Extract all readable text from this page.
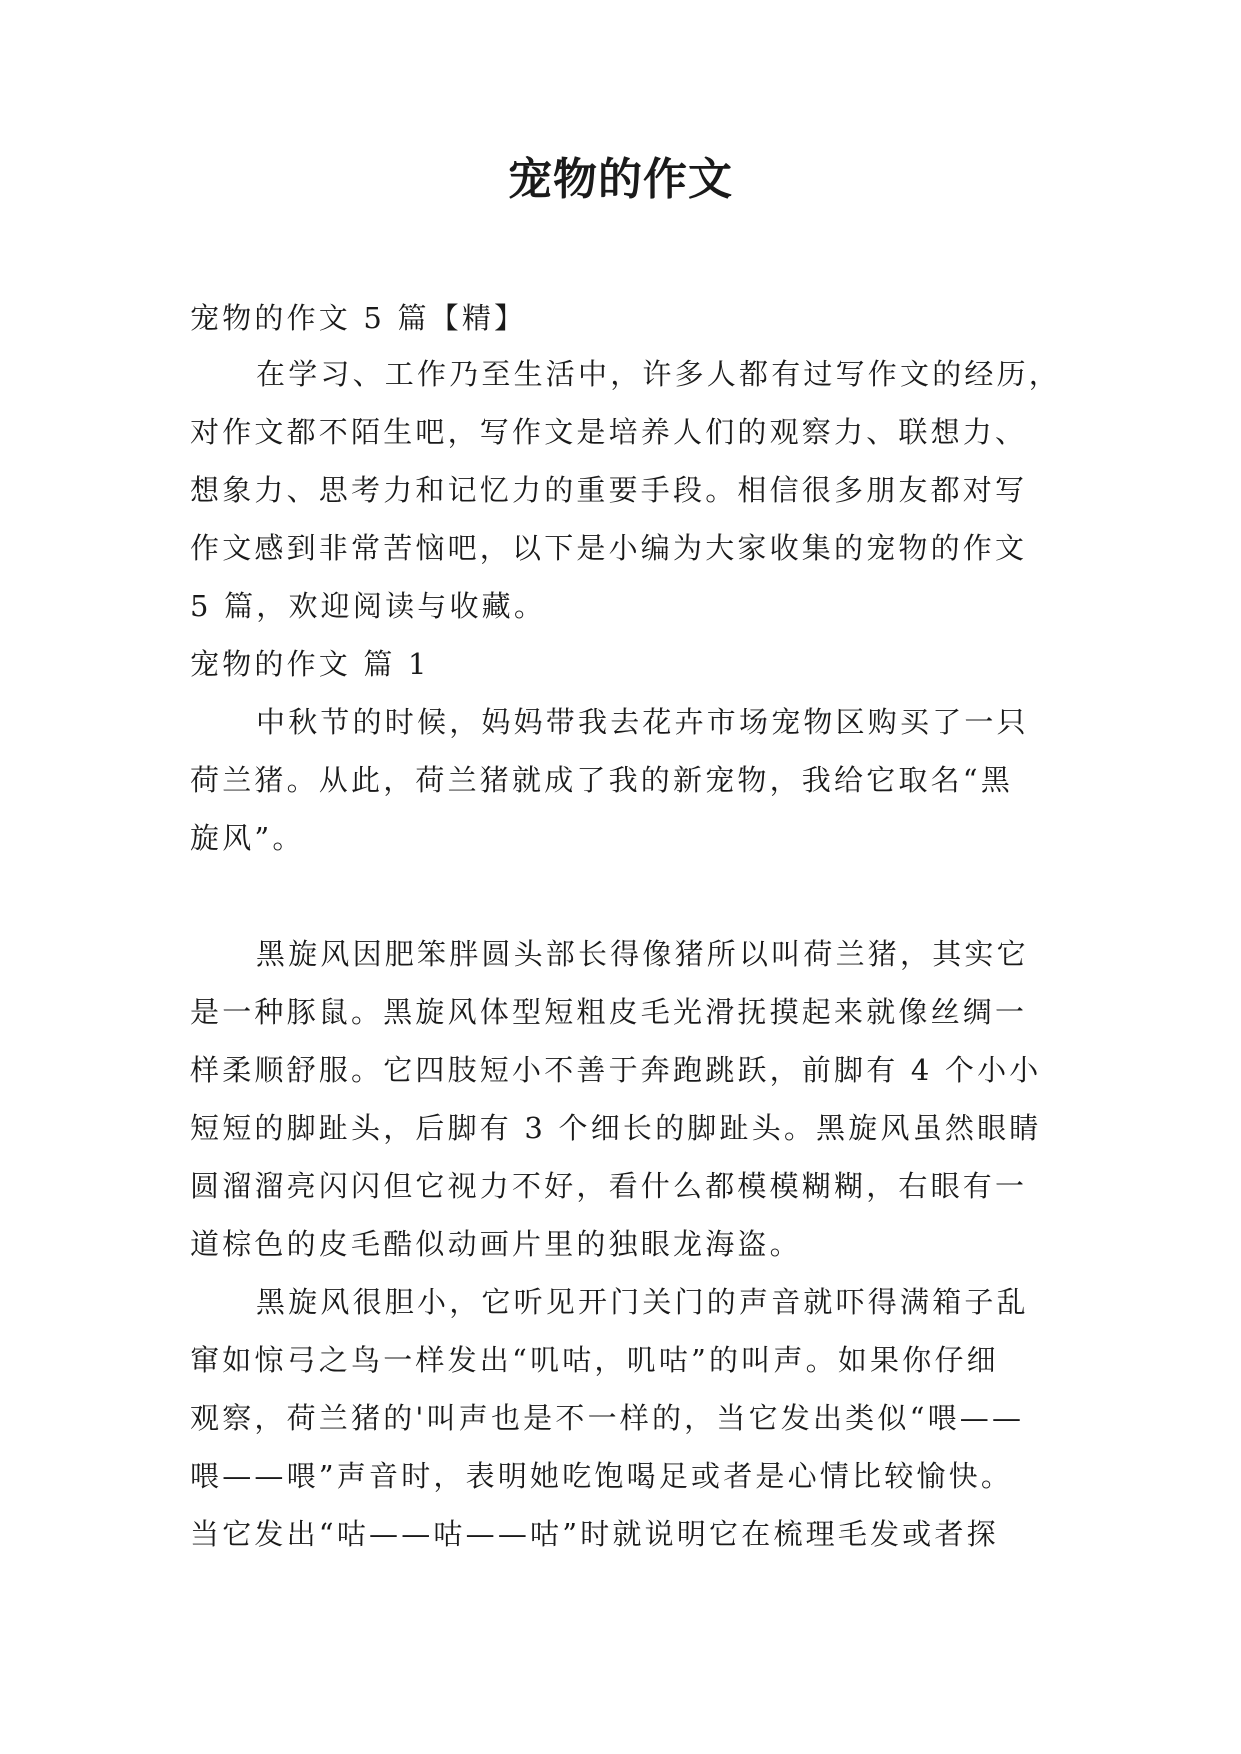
宠物的作文

宠物的作文 5 篇【精】

在学习、工作乃至生活中，许多人都有过写作文的经历，

对作文都不陌生吧，写作文是培养人们的观察力、联想力、

想象力、思考力和记忆力的重要手段。相信很多朋友都对写

作文感到非常苦恼吧，以下是小编为大家收集的宠物的作文

5 篇，欢迎阅读与收藏。

宠物的作文 篇 1

中秋节的时候，妈妈带我去花卉市场宠物区购买了一只

荷兰猪。从此，荷兰猪就成了我的新宠物，我给它取名“黑

旋风”。

黑旋风因肥笨胖圆头部长得像猪所以叫荷兰猪，其实它

是一种豚鼠。黑旋风体型短粗皮毛光滑抚摸起来就像丝绸一

样柔顺舒服。它四肢短小不善于奔跑跳跃，前脚有 4 个小小

短短的脚趾头，后脚有 3 个细长的脚趾头。黑旋风虽然眼睛

圆溜溜亮闪闪但它视力不好，看什么都模模糊糊，右眼有一

道棕色的皮毛酷似动画片里的独眼龙海盗。

黑旋风很胆小，它听见开门关门的声音就吓得满箱子乱

窜如惊弓之鸟一样发出“叽咕，叽咕”的叫声。如果你仔细

观察，荷兰猪的'叫声也是不一样的，当它发出类似“喂——

喂——喂”声音时，表明她吃饱喝足或者是心情比较愉快。

当它发出“咕——咕——咕”时就说明它在梳理毛发或者探
